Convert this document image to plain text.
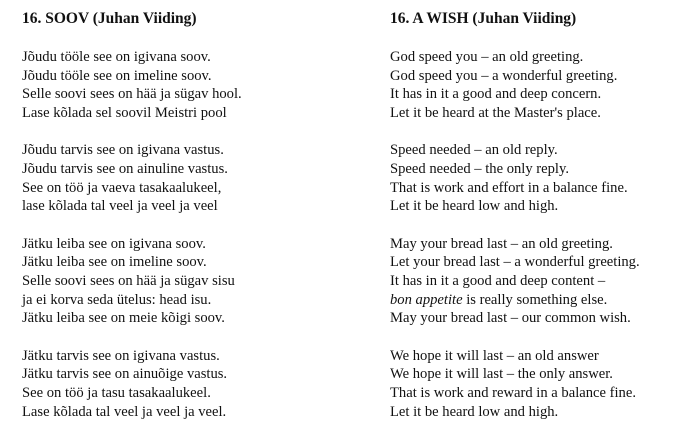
16. SOOV (Juhan Viiding)
Jõudu tööle see on igivana soov.
Jõudu tööle see on imeline soov.
Selle soovi sees on hää ja sügav hool.
Lase kõlada sel soovil Meistri pool
Jõudu tarvis see on igivana vastus.
Jõudu tarvis see on ainuline vastus.
See on töö ja vaeva tasakaalukeel,
lase kõlada tal veel ja veel ja veel
Jätku leiba see on igivana soov.
Jätku leiba see on imeline soov.
Selle soovi sees on hää ja sügav sisu
ja ei korva seda ütelus: head isu.
Jätku leiba see on meie kõigi soov.
Jätku tarvis see on igivana vastus.
Jätku tarvis see on ainuõige vastus.
See on töö ja tasu tasakaalukeel.
Lase kõlada tal veel ja veel ja veel.
16. A WISH (Juhan Viiding)
God speed you – an old greeting.
God speed you – a wonderful greeting.
It has in it a good and deep concern.
Let it be heard at the Master's place.
Speed needed – an old reply.
Speed needed – the only reply.
That is work and effort in a balance fine.
Let it be heard low and high.
May your bread last – an old greeting.
Let your bread last – a wonderful greeting.
It has in it a good and deep content –
bon appetite is really something else.
May your bread last – our common wish.
We hope it will last – an old answer
We hope it will last – the only answer.
That is work and reward in a balance fine.
Let it be heard low and high.
